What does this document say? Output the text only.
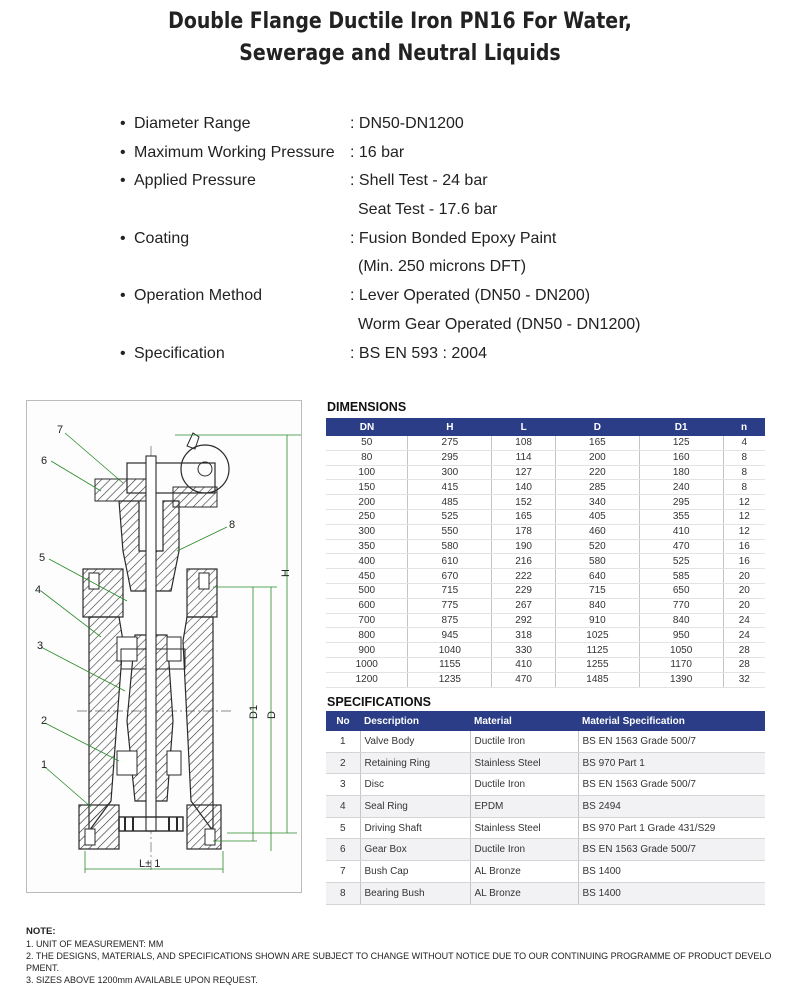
Double Flange Ductile Iron PN16 For Water,
Sewerage and Neutral Liquids
• Diameter Range	: DN50-DN1200
• Maximum Working Pressure : 16 bar
• Applied Pressure	: Shell Test - 24 bar
Seat Test - 17.6 bar
• Coating	: Fusion Bonded Epoxy Paint
(Min. 250 microns DFT)
• Operation Method	: Lever Operated (DN50 - DN200)
Worm Gear Operated (DN50 - DN1200)
• Specification	: BS EN 593 : 2004
7
6
8
5
4
3
2
1
H
D1 D
L± 1
DIMENSIONS
DN	H	L	D	D1	n
50	275	108	165	125	4
80	295	114	200	160	8
100	300	127	220	180	8
150	415	140	285	240	8
200	485	152	340	295	12
250	525	165	405	355	12
300	550	178	460	410	12
350	580	190	520	470	16
400	610	216	580	525	16
450	670	222	640	585	20
500	715	229	715	650	20
600	775	267	840	770	20
700	875	292	910	840	24
800	945	318	1025	950	24
900	1040	330	1125	1050	28
1000	1155	410	1255	1170	28
1200	1235	470	1485	1390	32
SPECIFICATIONS
No	Description	Material	Material Specification
1	Valve Body	Ductile Iron	BS EN 1563 Grade 500/7
2	Retaining Ring	Stainless Steel	BS 970 Part 1
3	Disc	Ductile Iron	BS EN 1563 Grade 500/7
4	Seal Ring	EPDM	BS 2494
5	Driving Shaft	Stainless Steel	BS 970 Part 1 Grade 431/S29
6	Gear Box	Ductile Iron	BS EN 1563 Grade 500/7
7	Bush Cap	AL Bronze	BS 1400
8	Bearing Bush	AL Bronze	BS 1400
NOTE:
1. UNIT OF MEASUREMENT: MM
2. THE DESIGNS, MATERIALS, AND SPECIFICATIONS SHOWN ARE SUBJECT TO CHANGE WITHOUT NOTICE DUE TO OUR CONTINUING PROGRAMME OF PRODUCT DEVELO PMENT.
3. SIZES ABOVE 1200mm AVAILABLE UPON REQUEST.
